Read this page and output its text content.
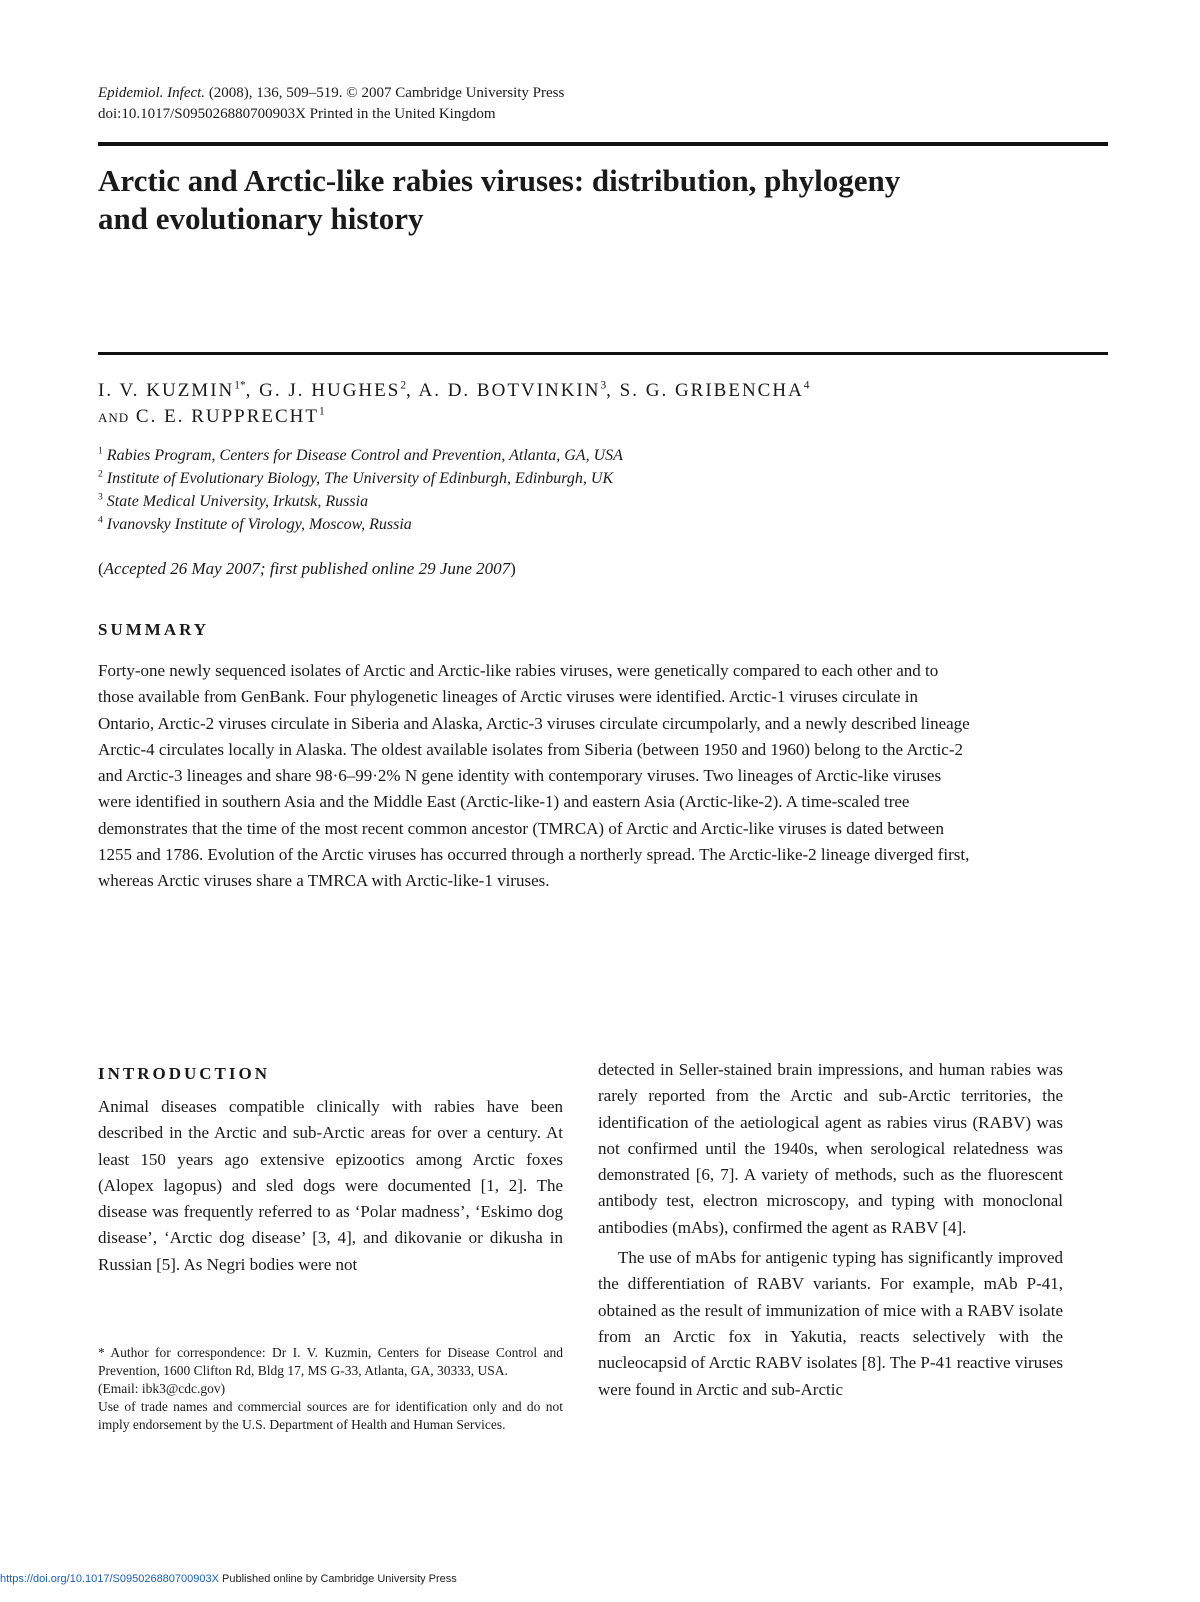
Epidemiol. Infect. (2008), 136, 509–519. © 2007 Cambridge University Press
doi:10.1017/S095026880700903X Printed in the United Kingdom
Arctic and Arctic-like rabies viruses: distribution, phylogeny
and evolutionary history
I. V. $KUZMIN^{1*}$, G. J. HUGHES$^2$, A. D. BOTVINKIN$^3$, S. G. GRIBENCHA$^4$
and C. E. RUPPRECHT$^1$
$^1$ Rabies Program, Centers for Disease Control and Prevention, Atlanta, GA, USA
$^2$ Institute of Evolutionary Biology, The University of Edinburgh, Edinburgh, UK
$^3$ State Medical University, Irkutsk, Russia
$^4$ Ivanovsky Institute of Virology, Moscow, Russia
(Accepted 26 May 2007; first published online 29 June 2007)
SUMMARY

Forty-one newly sequenced isolates of Arctic and Arctic-like rabies viruses, were genetically compared to each other and to those available from GenBank. Four phylogenetic lineages of Arctic viruses were identified. Arctic-1 viruses circulate in Ontario, Arctic-2 viruses circulate in Siberia and Alaska, Arctic-3 viruses circulate circumpolarly, and a newly described lineage Arctic-4 circulates locally in Alaska. The oldest available isolates from Siberia (between 1950 and 1960) belong to the Arctic-2 and Arctic-3 lineages and share 98·6–99·2% N gene identity with contemporary viruses. Two lineages of Arctic-like viruses were identified in southern Asia and the Middle East (Arctic-like-1) and eastern Asia (Arctic-like-2). A time-scaled tree demonstrates that the time of the most recent common ancestor (TMRCA) of Arctic and Arctic-like viruses is dated between 1255 and 1786. Evolution of the Arctic viruses has occurred through a northerly spread. The Arctic-like-2 lineage diverged first, whereas Arctic viruses share a TMRCA with Arctic-like-1 viruses.

INTRODUCTION

Animal diseases compatible clinically with rabies have been described in the Arctic and sub-Arctic areas for over a century. At least 150 years ago extensive epizootics among Arctic foxes (Alopex lagopus) and sled dogs were documented [1, 2]. The disease was frequently referred to as ‘Polar madness’, ‘Eskimo dog disease’, ‘Arctic dog disease’ [3, 4], and dikovanie or dikusha in Russian [5]. As Negri bodies were not

* Author for correspondence: Dr I. V. Kuzmin, Centers for Disease Control and Prevention, 1600 Clifton Rd, Bldg 17, MS G-33, Atlanta, GA, 30333, USA.

(Email: ibk3@cdc.gov)

Use of trade names and commercial sources are for identification only and do not imply endorsement by the U.S. Department of Health and Human Services.

detected in Seller-stained brain impressions, and human rabies was rarely reported from the Arctic and sub-Arctic territories, the identification of the aetiological agent as rabies virus (RABV) was not confirmed until the 1940s, when serological relatedness was demonstrated [6, 7]. A variety of methods, such as the fluorescent antibody test, electron microscopy, and typing with monoclonal antibodies (mAbs), confirmed the agent as RABV [4].

The use of mAbs for antigenic typing has significantly improved the differentiation of RABV variants. For example, mAb P-41, obtained as the result of immunization of mice with a RABV isolate from an Arctic fox in Yakutia, reacts selectively with the nucleocapsid of Arctic RABV isolates [8]. The P-41 reactive viruses were found in Arctic and sub-Arctic

https://doi.org/10.1017/S095026880700903X Published online by Cambridge University Press
